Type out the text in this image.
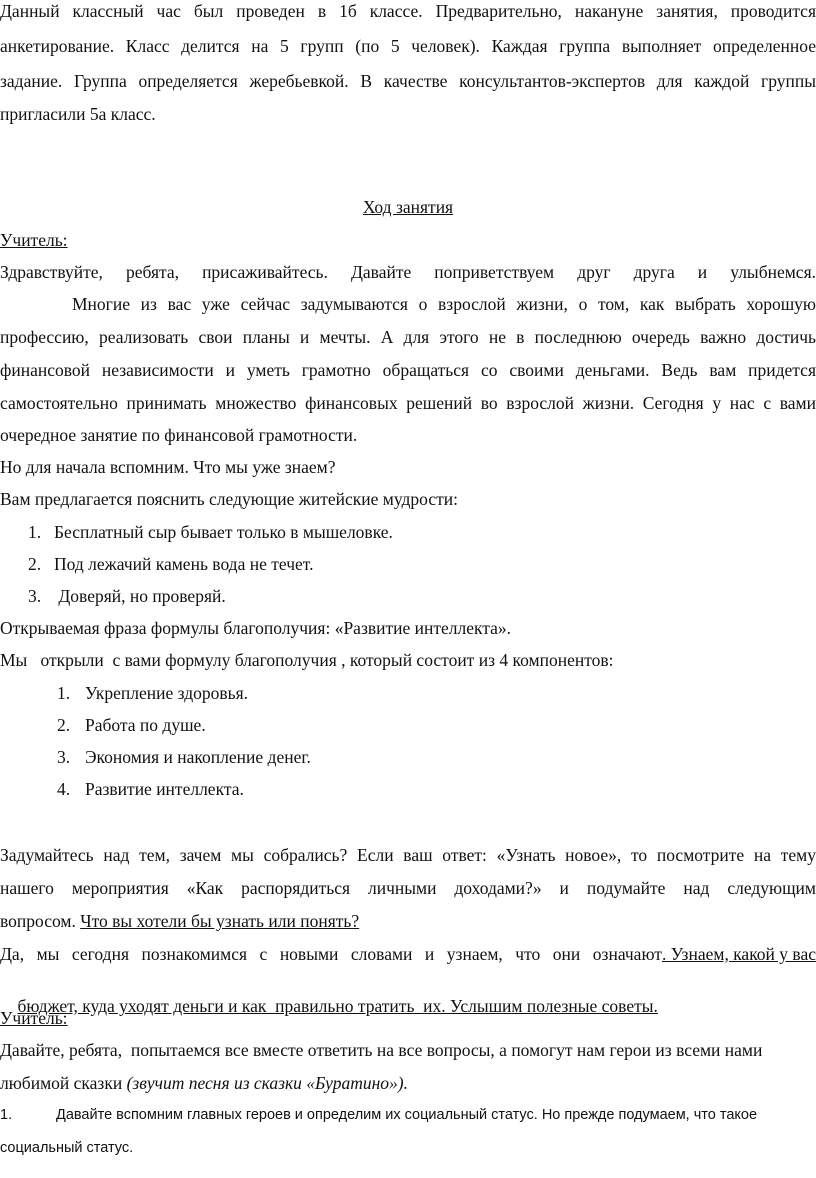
Данный классный час был проведен в 1б классе. Предварительно, накануне занятия, проводится
анкетирование. Класс делится на 5 групп (по 5 человек). Каждая группа выполняет определенное
задание. Группа определяется жеребьевкой. В качестве консультантов-экспертов для каждой группы
пригласили 5а класс.
Ход занятия
Учитель:
Здравствуйте, ребята, присаживайтесь. Давайте поприветствуем друг друга и улыбнемся.
Многие из вас уже сейчас задумываются о взрослой жизни, о том, как выбрать хорошую
профессию, реализовать свои планы и мечты. А для этого не в последнюю очередь важно достичь
финансовой независимости и уметь грамотно обращаться со своими деньгами. Ведь вам придется
самостоятельно принимать множество финансовых решений во взрослой жизни. Сегодня у нас с вами
очередное занятие по финансовой грамотности.
Но для начала вспомним. Что мы уже знаем?
Вам предлагается пояснить следующие житейские мудрости:
1. Бесплатный сыр бывает только в мышеловке.
2. Под лежачий камень вода не течет.
3. Доверяй, но проверяй.
Открываемая фраза формулы благополучия: «Развитие интеллекта».
Мы   открыли  с вами формулу благополучия , который состоит из 4 компонентов:
1. Укрепление здоровья.
2. Работа по душе.
3. Экономия и накопление денег.
4. Развитие интеллекта.
Задумайтесь над тем, зачем мы собрались? Если ваш ответ: «Узнать новое», то посмотрите на тему
нашего мероприятия «Как распорядиться личными доходами?» и подумайте над следующим
вопросом. Что вы хотели бы узнать или понять?
Да, мы сегодня познакомимся с новыми словами и узнаем, что они означают . Узнаем, какой у вас

бюджет, куда уходят деньги и как  правильно тратить  их. Услышим полезные советы.

Учитель:
Давайте, ребята,  попытаемся все вместе ответить на все вопросы, а помогут нам герои из всеми нами
любимой сказки (звучит песня из сказки «Буратино»).
1.	Давайте вспомним главных героев и определим их социальный статус. Но прежде подумаем, что такое
социальный статус.
